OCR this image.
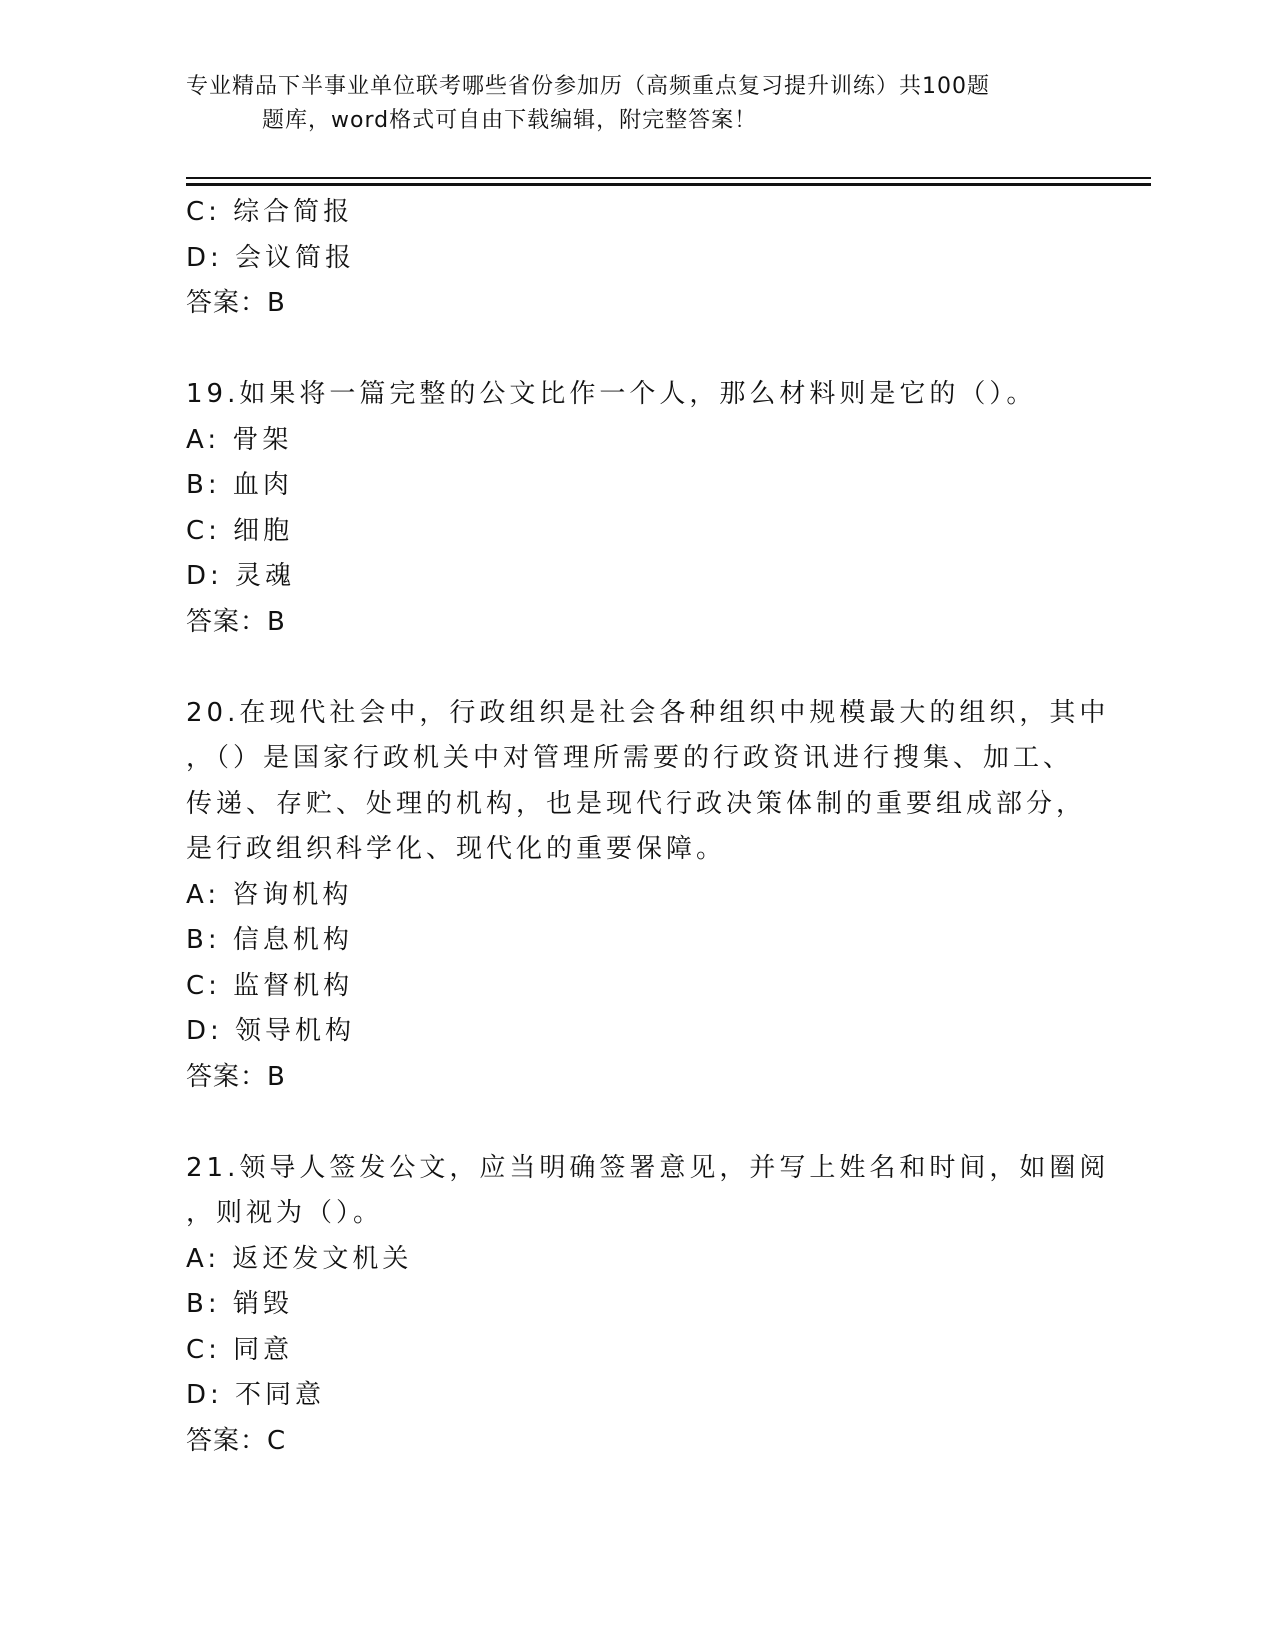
专业精品下半事业单位联考哪些省份参加历（高频重点复习提升训练）共100题
题库，word格式可自由下载编辑，附完整答案！
C: 综合简报
D: 会议简报
答案：B
19.如果将一篇完整的公文比作一个人，那么材料则是它的（）。
A: 骨架
B: 血肉
C: 细胞
D: 灵魂
答案：B
20.在现代社会中，行政组织是社会各种组织中规模最大的组织，其中
，（）是国家行政机关中对管理所需要的行政资讯进行搜集、加工、
传递、存贮、处理的机构，也是现代行政决策体制的重要组成部分，
是行政组织科学化、现代化的重要保障。
A: 咨询机构
B: 信息机构
C: 监督机构
D: 领导机构
答案：B
21.领导人签发公文，应当明确签署意见，并写上姓名和时间，如圈阅
，则视为（）。
A: 返还发文机关
B: 销毁
C: 同意
D: 不同意
答案：C
